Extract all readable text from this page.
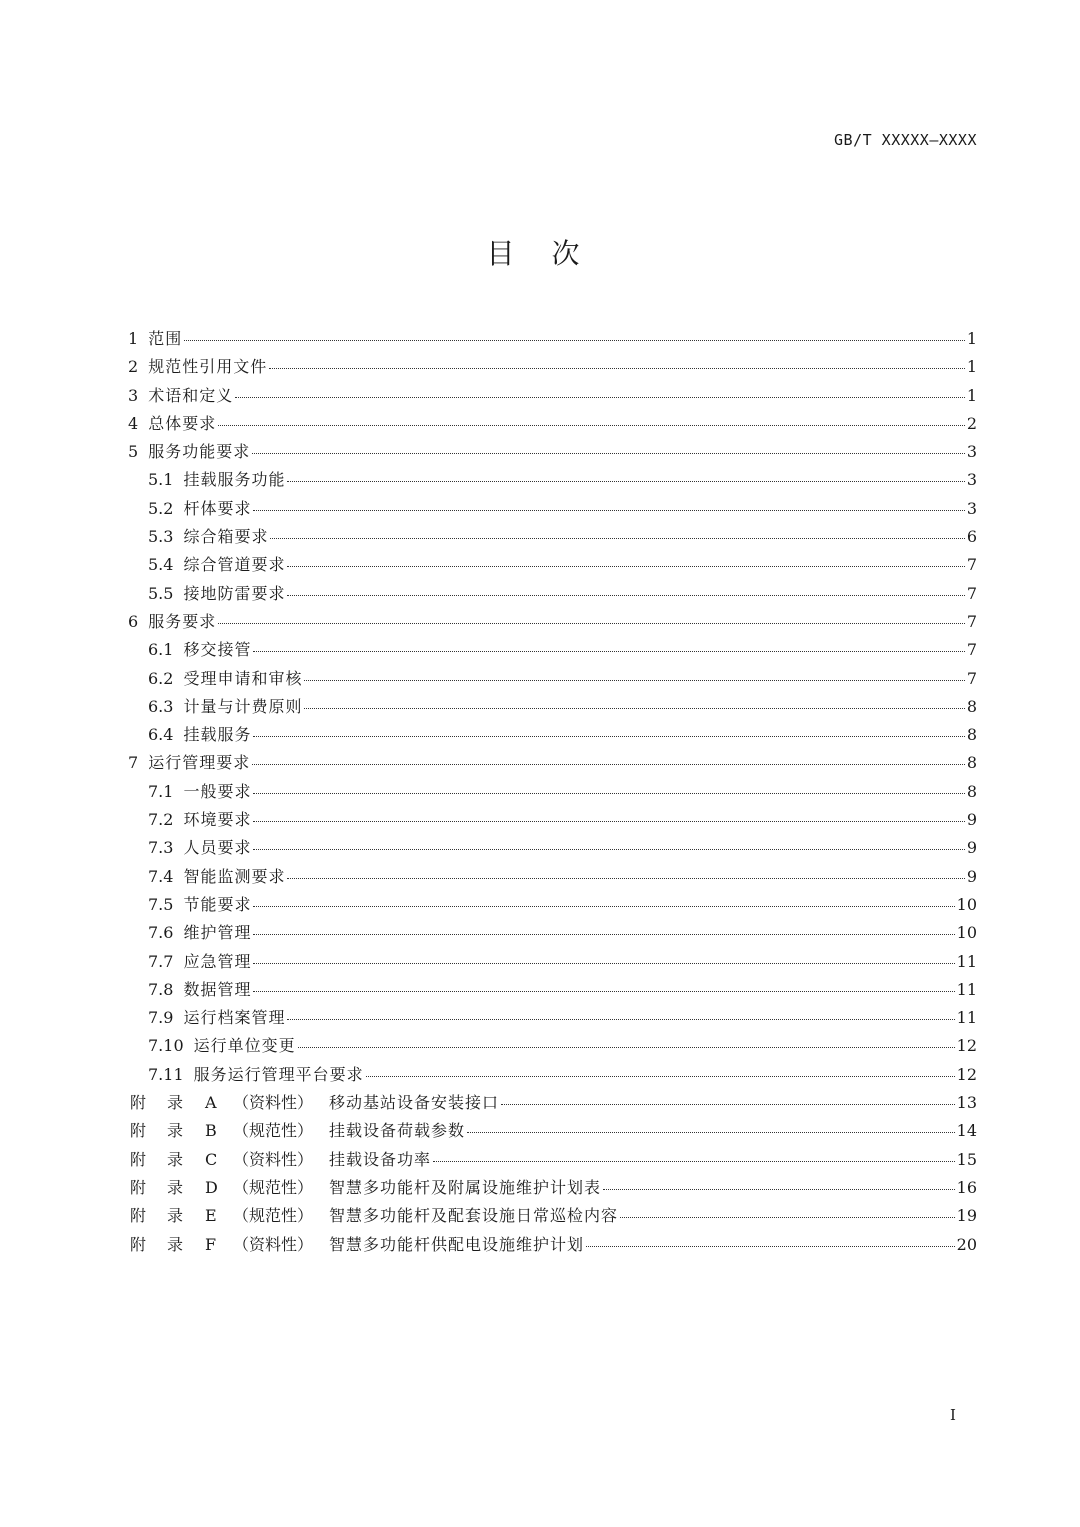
GB/T XXXXX—XXXX
目 次
1 范围	1
2 规范性引用文件	1
3 术语和定义	1
4 总体要求	2
5 服务功能要求	3
5.1 挂载服务功能	3
5.2 杆体要求	3
5.3 综合箱要求	6
5.4 综合管道要求	7
5.5 接地防雷要求	7
6 服务要求	7
6.1 移交接管	7
6.2 受理申请和审核	7
6.3 计量与计费原则	8
6.4 挂载服务	8
7 运行管理要求	8
7.1 一般要求	8
7.2 环境要求	9
7.3 人员要求	9
7.4 智能监测要求	9
7.5 节能要求	10
7.6 维护管理	10
7.7 应急管理	11
7.8 数据管理	11
7.9 运行档案管理	11
7.10 运行单位变更	12
7.11 服务运行管理平台要求	12
附 录	A	（资料性） 移动基站设备安装接口	13
附 录	B	（规范性） 挂载设备荷载参数	14
附 录	C （资料性） 挂载设备功率	15
附 录	D （规范性） 智慧多功能杆及附属设施维护计划表	16
附 录	E	（规范性） 智慧多功能杆及配套设施日常巡检内容	19
附 录	F	（资料性） 智慧多功能杆供配电设施维护计划	20
I
